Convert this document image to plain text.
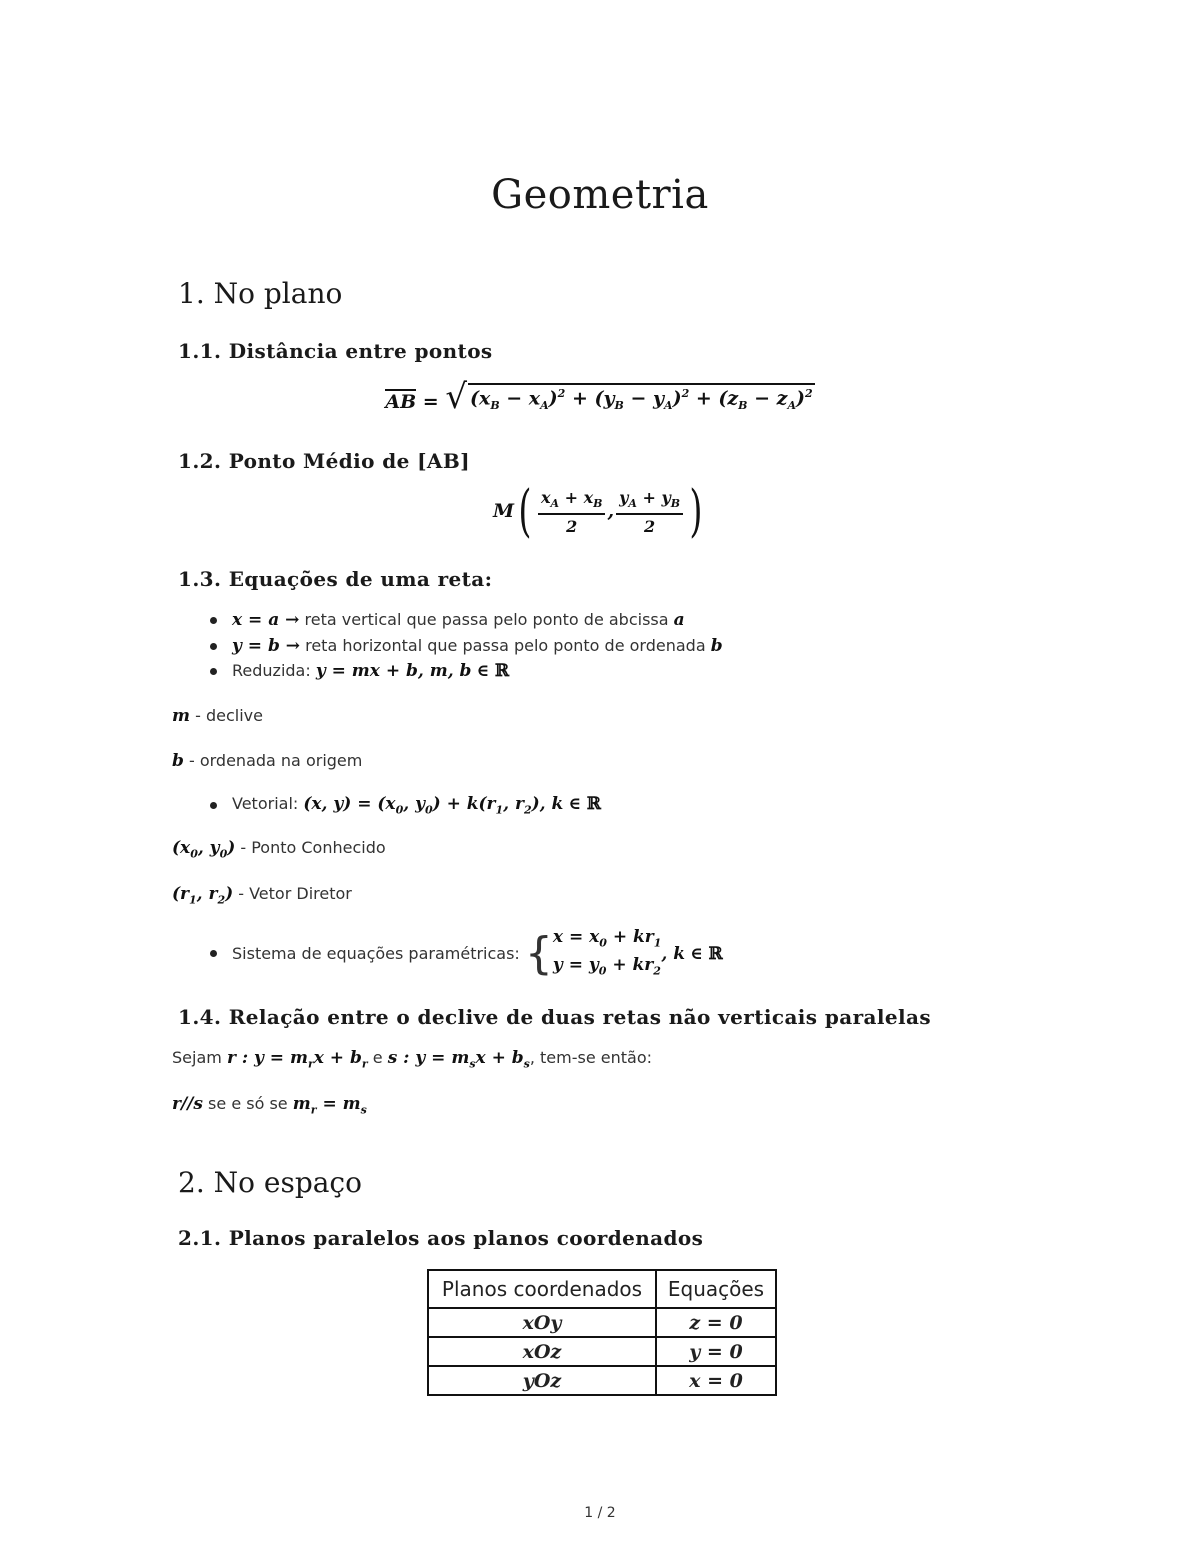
Geometria
1. No plano
1.1. Distância entre pontos
AB = √ $(x_B - x_A)^2 + (y_B - y_A)^2 + (z_B - z_A)^2$
1.2. Ponto Médio de [AB]
$M( \frac{x_A + x_B}{2}$ , $\frac{y_A + y_B}{2}$ )
1.3. Equações de uma reta:
x = a → reta vertical que passa pelo ponto de abcissa a
y = b → reta horizontal que passa pelo ponto de ordenada b
Reduzida: y = mx + b, m, b ∈ ℝ
m - declive
b - ordenada na origem
Vetorial: (x, $y) = (x_0$, $y_0) + k(r_1$, $r_2$), k ∈ ℝ
($x_0$, $y_0$) - Ponto Conhecido
($r_1$, $r_2$) - Vetor Diretor
Sistema de equações paramétricas: {$x = x_0 + kr_1$
$y = y_0 + kr_2$, k ∈ ℝ
1.4. Relação entre o declive de duas retas não verticais paralelas
Sejam r : $y = m_rx + b_r$ e s : $y = m_sx + b_s$, tem-se então:
r//s se e só se $m_r = m_s$
2. No espaço
2.1. Planos paralelos aos planos coordenados
Planos coordenados	Equações
xOy	z = 0
xOz	y = 0
yOz	x = 0
1 / 2
